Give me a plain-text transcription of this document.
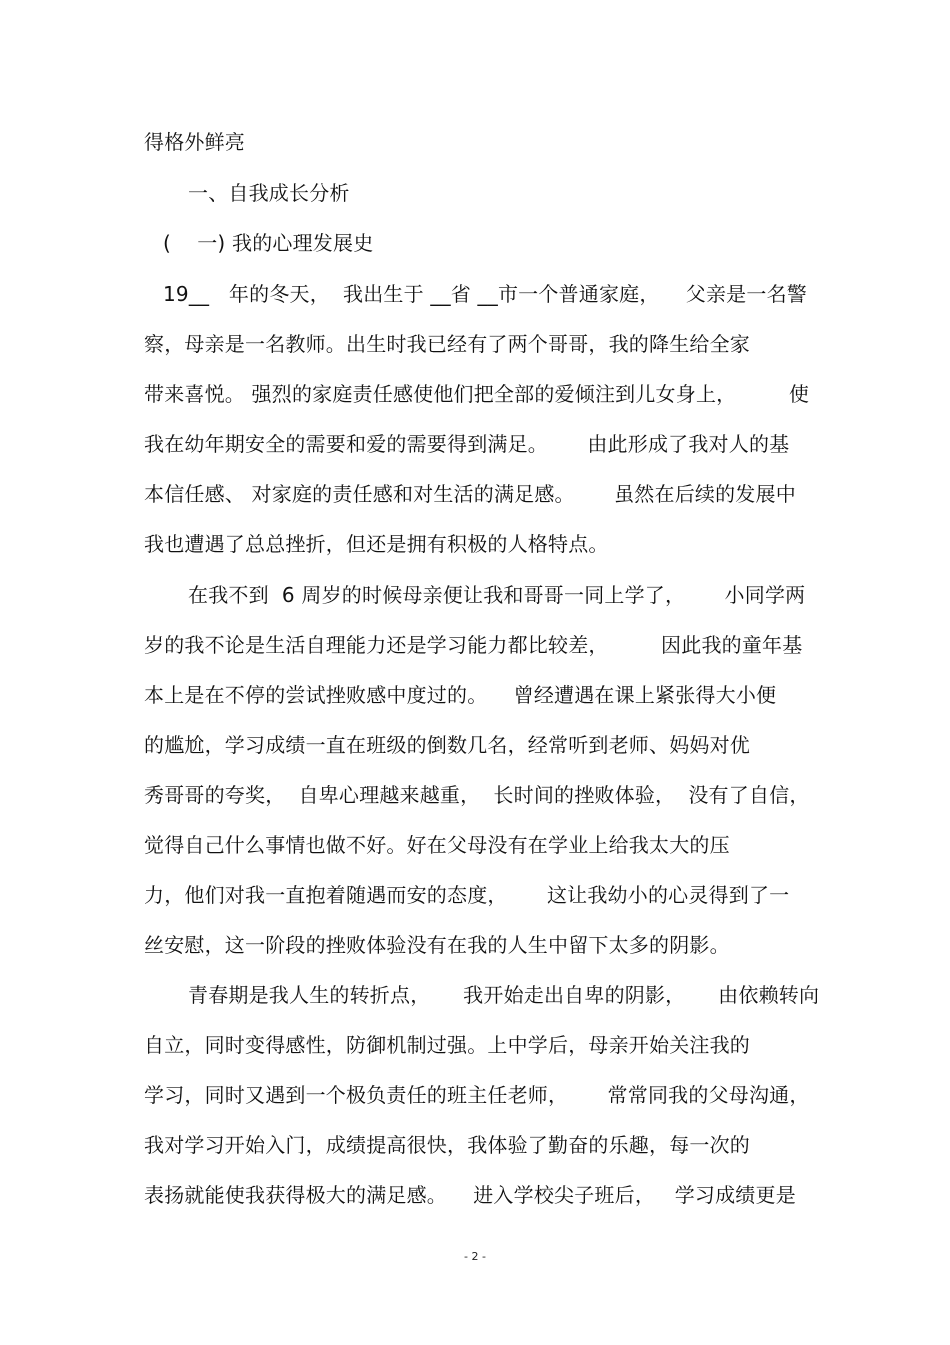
得格外鲜亮
一、自我成长分析
(    一) 我的心理发展史
19__   年的冬天，  我出生于 __省 __市一个普通家庭，    父亲是一名警
察，母亲是一名教师。出生时我已经有了两个哥哥，我的降生给全家
带来喜悦。 强烈的家庭责任感使他们把全部的爱倾注到儿女身上，        使
我在幼年期安全的需要和爱的需要得到满足。      由此形成了我对人的基
本信任感、 对家庭的责任感和对生活的满足感。      虽然在后续的发展中
我也遭遇了总总挫折，但还是拥有积极的人格特点。
在我不到  6 周岁的时候母亲便让我和哥哥一同上学了，      小同学两
岁的我不论是生活自理能力还是学习能力都比较差，        因此我的童年基
本上是在不停的尝试挫败感中度过的。    曾经遭遇在课上紧张得大小便
的尴尬，学习成绩一直在班级的倒数几名，经常听到老师、妈妈对优
秀哥哥的夸奖，  自卑心理越来越重，  长时间的挫败体验，  没有了自信，
觉得自己什么事情也做不好。好在父母没有在学业上给我太大的压
力，他们对我一直抱着随遇而安的态度，      这让我幼小的心灵得到了一
丝安慰，这一阶段的挫败体验没有在我的人生中留下太多的阴影。
青春期是我人生的转折点，     我开始走出自卑的阴影，     由依赖转向
自立，同时变得感性，防御机制过强。上中学后，母亲开始关注我的
学习，同时又遇到一个极负责任的班主任老师，      常常同我的父母沟通，
我对学习开始入门，成绩提高很快，我体验了勤奋的乐趣，每一次的
表扬就能使我获得极大的满足感。    进入学校尖子班后，   学习成绩更是
- 2 -
